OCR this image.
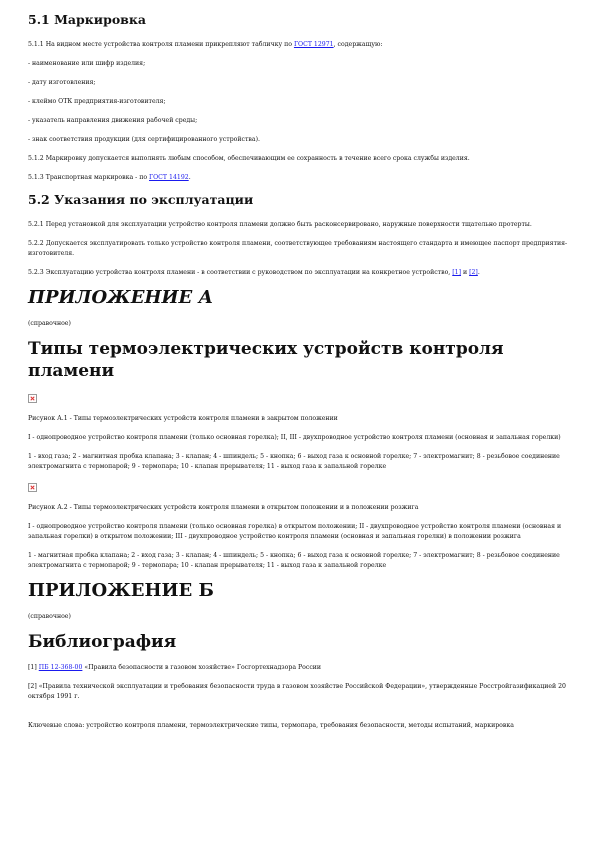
5.1 Маркировка

5.1.1 На видном месте устройства контроля пламени прикрепляют табличку по ГОСТ 12971, содержащую:

- наименование или шифр изделия;

- дату изготовления;

- клеймо ОТК предприятия-изготовителя;

- указатель направления движения рабочей среды;

- знак соответствия продукции (для сертифицированного устройства).

5.1.2 Маркировку допускается выполнять любым способом, обеспечивающим ее сохранность в течение всего срока службы изделия.

5.1.3 Транспортная маркировка - по ГОСТ 14192.

5.2 Указания по эксплуатации

5.2.1 Перед установкой для эксплуатации устройство контроля пламени должно быть расконсервировано, наружные поверхности тщательно протерты.

5.2.2 Допускается эксплуатировать только устройство контроля пламени, соответствующее требованиям настоящего стандарта и имеющее паспорт предприятия-изготовителя.

5.2.3 Эксплуатацию устройства контроля пламени - в соответствии с руководством по эксплуатации на конкретное устройство, [1] и [2].

ПРИЛОЖЕНИЕ А

(справочное)

Типы термоэлектрических устройств контроля пламени

Рисунок А.1 - Типы термоэлектрических устройств контроля пламени в закрытом положении

I - однопроводное устройство контроля пламени (только основная горелка); II, III - двухпроводное устройство контроля пламени (основная и запальная горелки)

1 - вход газа; 2 - магнитная пробка клапана; 3 - клапан; 4 - шпиндель; 5 - кнопка; 6 - выход газа к основной горелке; 7 - электромагнит; 8 - резьбовое соединение электромагнита с термопарой; 9 - термопара; 10 - клапан прерывателя; 11 - выход газа к запальной горелке

Рисунок А.2 - Типы термоэлектрических устройств контроля пламени в открытом положении и в положении розжига

I - однопроводное устройство контроля пламени (только основная горелка) в открытом положении; II - двухпроводное устройство контроля пламени (основная и запальная горелки) в открытом положении; III - двухпроводное устройство контроля пламени (основная и запальная горелки) в положении розжига

1 - магнитная пробка клапана; 2 - вход газа; 3 - клапан; 4 - шпиндель; 5 - кнопка; 6 - выход газа к основной горелке; 7 - электромагнит; 8 - резьбовое соединение электромагнита с термопарой; 9 - термопара; 10 - клапан прерывателя; 11 - выход газа к запальной горелке

ПРИЛОЖЕНИЕ Б

(справочное)

Библиография

[1] ПБ 12-368-00 «Правила безопасности в газовом хозяйстве» Госгортехнадзора России

[2] «Правила технической эксплуатации и требования безопасности труда в газовом хозяйстве Российской Федерации», утвержденные Росстройгазификацией 20 октября 1991 г.

Ключевые слова: устройство контроля пламени, термоэлектрические типы, термопара, требования безопасности, методы испытаний, маркировка
